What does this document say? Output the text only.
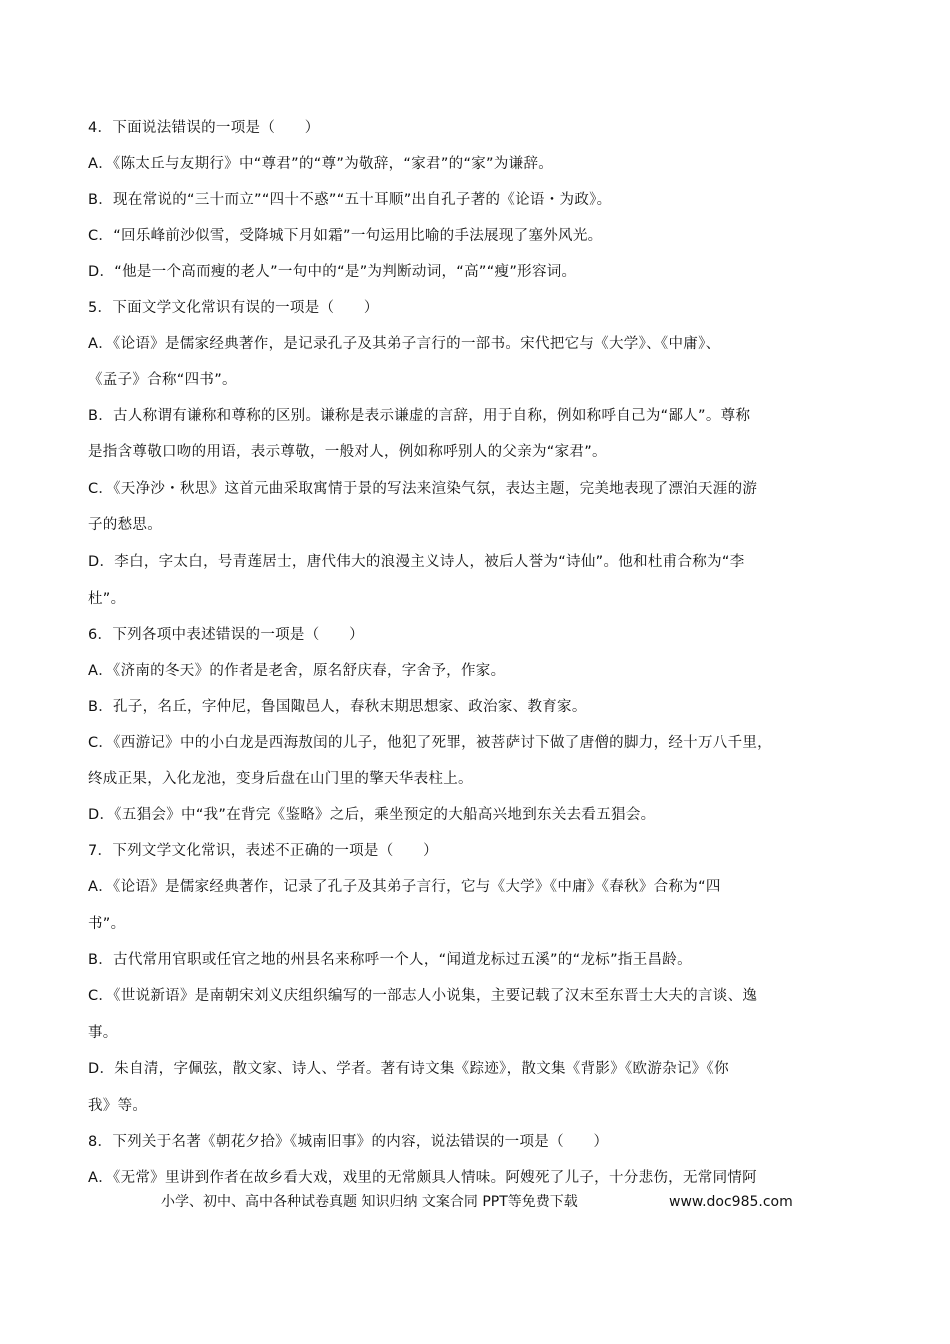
4．下面说法错误的一项是（　　）
A．《陈太丘与友期行》中“尊君”的“尊”为敬辞，“家君”的“家”为谦辞。
B．现在常说的“三十而立”“四十不惑”“五十耳顺”出自孔子著的《论语・为政》。
C．“回乐峰前沙似雪，受降城下月如霜”一句运用比喻的手法展现了塞外风光。
D．“他是一个高而瘦的老人”一句中的“是”为判断动词，“高”“瘦”形容词。
5．下面文学文化常识有误的一项是（　　）
A．《论语》是儒家经典著作，是记录孔子及其弟子言行的一部书。宋代把它与《大学》、《中庸》、
《孟子》合称“四书”。
B．古人称谓有谦称和尊称的区别。谦称是表示谦虚的言辞，用于自称，例如称呼自己为“鄙人”。尊称
是指含尊敬口吻的用语，表示尊敬，一般对人，例如称呼别人的父亲为“家君”。
C．《天净沙・秋思》这首元曲采取寓情于景的写法来渲染气氛，表达主题，完美地表现了漂泊天涯的游
子的愁思。
D．李白，字太白，号青莲居士，唐代伟大的浪漫主义诗人，被后人誉为“诗仙”。他和杜甫合称为“李
杜”。
6．下列各项中表述错误的一项是（　　）
A．《济南的冬天》的作者是老舍，原名舒庆春，字舍予，作家。
B．孔子，名丘，字仲尼，鲁国陬邑人，春秋末期思想家、政治家、教育家。
C．《西游记》中的小白龙是西海敖闰的儿子，他犯了死罪，被菩萨讨下做了唐僧的脚力，经十万八千里，
终成正果，入化龙池，变身后盘在山门里的擎天华表柱上。
D．《五猖会》中“我”在背完《鉴略》之后，乘坐预定的大船高兴地到东关去看五猖会。
7．下列文学文化常识，表述不正确的一项是（　　）
A．《论语》是儒家经典著作，记录了孔子及其弟子言行，它与《大学》《中庸》《春秋》合称为“四
书”。
B．古代常用官职或任官之地的州县名来称呼一个人，“闻道龙标过五溪”的“龙标”指王昌龄。
C．《世说新语》是南朝宋刘义庆组织编写的一部志人小说集，主要记载了汉末至东晋士大夫的言谈、逸
事。
D．朱自清，字佩弦，散文家、诗人、学者。著有诗文集《踪迹》，散文集《背影》《欧游杂记》《你
我》等。
8．下列关于名著《朝花夕拾》《城南旧事》的内容，说法错误的一项是（　　）
A．《无常》里讲到作者在故乡看大戏，戏里的无常颇具人情味。阿嫂死了儿子，十分悲伤，无常同情阿
小学、初中、高中各种试卷真题 知识归纳 文案合同 PPT等免费下载	www.doc985.com
